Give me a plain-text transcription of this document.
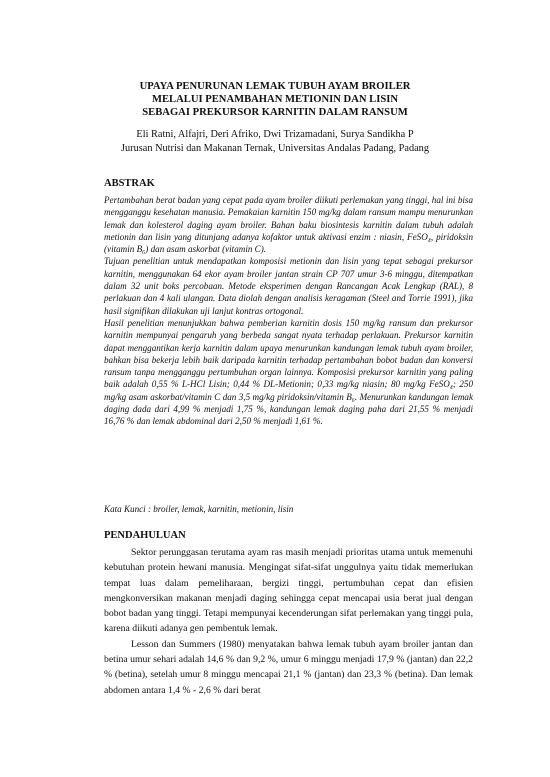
UPAYA PENURUNAN LEMAK TUBUH AYAM BROILER
MELALUI PENAMBAHAN METIONIN DAN LISIN
SEBAGAI PREKURSOR KARNITIN DALAM RANSUM
Eli Ratni, Alfajri, Deri Afriko, Dwi Trizamadani, Surya Sandikha P
Jurusan Nutrisi dan Makanan Ternak, Universitas Andalas Padang, Padang
ABSTRAK

Pertambahan berat badan yang cepat pada ayam broiler diikuti perlemakan yang tinggi, hal ini bisa mengganggu kesehatan manusia. Pemakaian karnitin 150 mg/kg dalam ransum mampu menurunkan lemak dan kolesterol daging ayam broiler. Bahan baku biosintesis karnitin dalam tubuh adalah metionin dan lisin yang ditunjang adanya kofaktor untuk aktivasi enzim : niasin, FeSO₄, piridoksin (vitamin B₆) dan asam askorbat (vitamin C).

Tujuan penelitian untuk mendapatkan komposisi metionin dan lisin yang tepat sebagai prekursor karnitin, menggunakan 64 ekor ayam broiler jantan strain CP 707 umur 3-6 minggu, ditempatkan dalam 32 unit boks percobaan. Metode eksperimen dengan Rancangan Acak Lengkap (RAL), 8 perlakuan dan 4 kali ulangan. Data diolah dengan analisis keragaman (Steel and Torrie 1991), jika hasil signifikan dilakukan uji lanjut kontras ortogonal.

Hasil penelitian menunjukkan bahwa pemberian karnitin dosis 150 mg/kg ransum dan prekursor karnitin mempunyai pengaruh yang berbeda sangat nyata terhadap perlakuan. Prekursor karnitin dapat menggantikan kerja karnitin dalam upaya menurunkan kandungan lemak tubuh ayam broiler, bahkan bisa bekerja lebih baik daripada karnitin terhadap pertambahan bobot badan dan konversi ransum tanpa mengganggu pertumbuhan organ lainnya. Komposisi prekursor karnitin yang paling baik adalah 0,55 % L-HCl Lisin; 0,44 % DL-Metionin; 0,33 mg/kg niasin; 80 mg/kg FeSO₄; 250 mg/kg asam askorbat/vitamin C dan 3,5 mg/kg piridoksin/vitamin B₆. Menurunkan kandungan lemak daging dada dari 4,99 % menjadi 1,75 %, kandungan lemak daging paha dari 21,55 % menjadi 16,76 % dan lemak abdominal dari 2,50 % menjadi 1,61 %.

Kata Kunci : broiler, lemak, karnitin, metionin, lisin
PENDAHULUAN

Sektor perunggasan terutama ayam ras masih menjadi prioritas utama untuk memenuhi kebutuhan protein hewani manusia. Mengingat sifat-sifat unggulnya yaitu tidak memerlukan tempat luas dalam pemeliharaan, bergizi tinggi, pertumbuhan cepat dan efisien mengkonversikan makanan menjadi daging sehingga cepat mencapai usia berat jual dengan bobot badan yang tinggi. Tetapi mempunyai kecenderungan sifat perlemakan yang tinggi pula, karena diikuti adanya gen pembentuk lemak.

Lesson dan Summers (1980) menyatakan bahwa lemak tubuh ayam broiler jantan dan betina umur sehari adalah 14,6 % dan 9,2 %, umur 6 minggu menjadi 17,9 % (jantan) dan 22,2 % (betina), setelah umur 8 minggu mencapai 21,1 % (jantan) dan 23,3 % (betina). Dan lemak abdomen antara 1,4 % - 2,6 % dari berat
